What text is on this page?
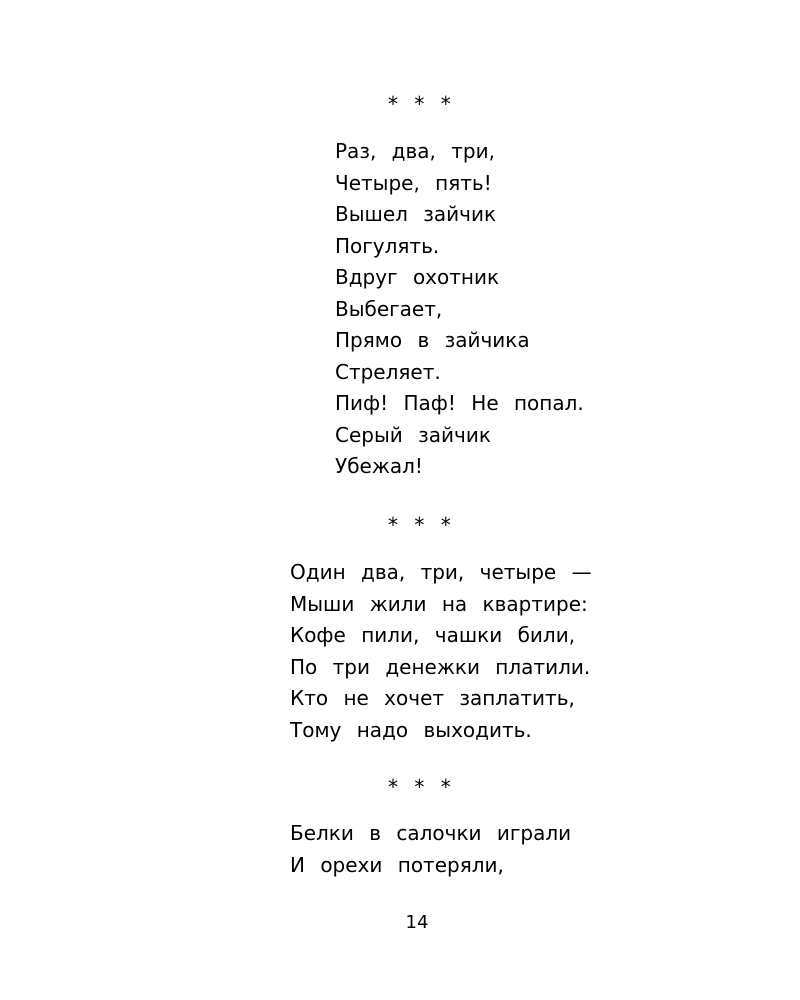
* * *
Раз, два, три,
Четыре, пять!
Вышел зайчик
Погулять.
Вдруг охотник
Выбегает,
Прямо в зайчика
Стреляет.
Пиф! Паф! Не попал.
Серый зайчик
Убежал!
* * *
Один два, три, четыре —
Мыши жили на квартире:
Кофе пили, чашки били,
По три денежки платили.
Кто не хочет заплатить,
Тому надо выходить.
* * *
Белки в салочки играли
И орехи потеряли,
14
